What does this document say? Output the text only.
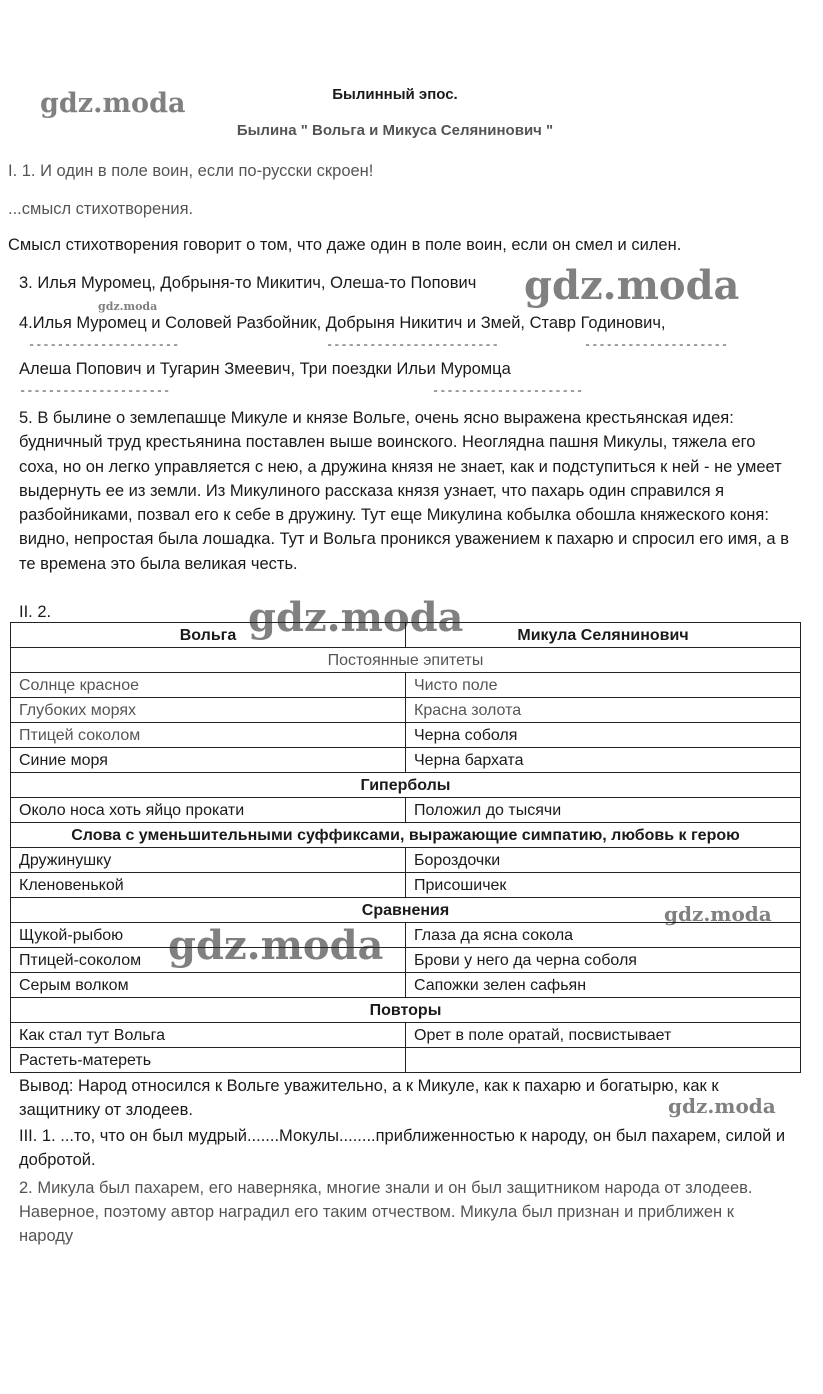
gdz.moda
gdz.moda
gdz.moda
gdz.moda
gdz.moda
gdz.moda
gdz.moda
Былинный эпос.
Былина " Вольга и Микуса Селянинович "
I. 1. И один в поле воин, если по-русски скроен!
...смысл стихотворения.
Смысл стихотворения говорит о том, что даже один в поле воин, если он смел и силен.
3. Илья Муромец, Добрыня-то Микитич, Олеша-то Попович
4.Илья Муромец и Соловей Разбойник, Добрыня Никитич и Змей, Ставр Годинович,
---------------------	------------------------	--------------------
Алеша Попович и Тугарин Змеевич, Три поездки Ильи Муромца
---------------------	---------------------
5. В былине о землепашце Микуле и князе Вольге, очень ясно выражена крестьянская идея: будничный труд крестьянина поставлен выше воинского. Неоглядна пашня Микулы, тяжела его соха, но он легко управляется с нею, а дружина князя не знает, как и подступиться к ней - не умеет выдернуть ее из земли. Из Микулиного рассказа князя узнает, что пахарь один справился я разбойниками, позвал его к себе в дружину. Тут еще Микулина кобылка обошла княжеского коня: видно, непростая была лошадка. Тут и Вольга проникся уважением к пахарю и спросил его имя, а в те времена это была великая честь.
II. 2.
Вольга	Микула Селянинович
Постоянные эпитеты	
Солнце красное	Чисто поле
Глубоких морях	Красна золота
Птицей соколом	Черна соболя
Синие моря	Черна бархата
Гиперболы	
Около носа хоть яйцо прокати	Положил до тысячи
Слова с уменьшительными суффиксами, выражающие симпатию, любовь к герою	
Дружинушку	Бороздочки
Кленовенькой	Присошичек
Сравнения	
Щукой-рыбою	Глаза да ясна сокола
Птицей-соколом	Брови у него да черна соболя
Серым волком	Сапожки зелен сафьян
Повторы	
Как стал тут Вольга	Орет в поле оратай, посвистывает
Растеть-матереть	
Вывод: Народ относился к Вольге уважительно, а к Микуле, как к пахарю и богатырю, как к защитнику от злодеев.
III. 1. ...то, что он был мудрый.......Мокулы........приближенностью к народу, он был пахарем, силой и добротой.
2. Микула был пахарем, его наверняка, многие знали и он был защитником народа от злодеев. Наверное, поэтому автор наградил его таким отчеством. Микула был признан и приближен к народу
